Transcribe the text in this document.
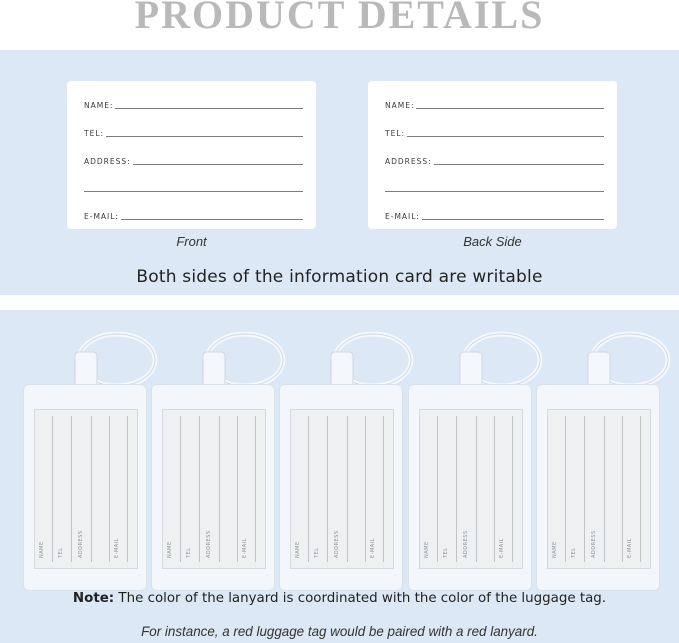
PRODUCT DETAILS
NAME:
TEL:
ADDRESS:
E-MAIL:
NAME:
TEL:
ADDRESS:
E-MAIL:
Front	Back Side
Both sides of the information card are writable
Note: The color of the lanyard is coordinated with the color of the luggage tag.
NAME	TEL	ADDRESS	E-MAIL	NAME	TEL	ADDRESS	E-MAIL	NAME	TEL	ADDRESS	E-MAIL	NAME	TEL	ADDRESS	E-MAIL	NAME	TEL	ADDRESS	E-MAIL
For instance, a red luggage tag would be paired with a red lanyard.
